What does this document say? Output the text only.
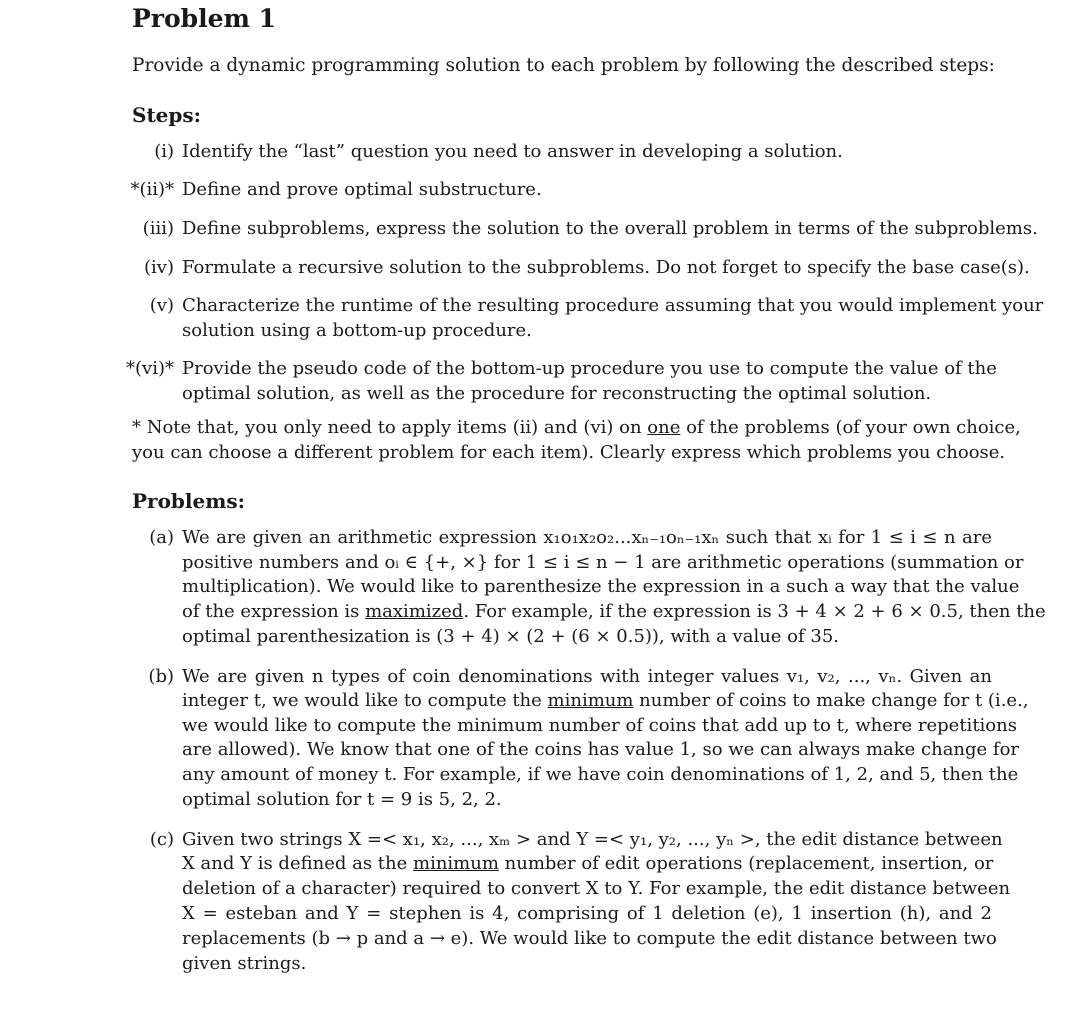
Problem 1
Provide a dynamic programming solution to each problem by following the described steps:
Steps:
(i) Identify the “last” question you need to answer in developing a solution.
*(ii)* Define and prove optimal substructure.
(iii) Define subproblems, express the solution to the overall problem in terms of the subproblems.
(iv) Formulate a recursive solution to the subproblems. Do not forget to specify the base case(s).
(v) Characterize the runtime of the resulting procedure assuming that you would implement your
solution using a bottom-up procedure.
*(vi)* Provide the pseudo code of the bottom-up procedure you use to compute the value of the
optimal solution, as well as the procedure for reconstructing the optimal solution.
* Note that, you only need to apply items (ii) and (vi) on one of the problems (of your own choice,
you can choose a different problem for each item). Clearly express which problems you choose.
Problems:
(a) We are given an arithmetic expression x₁o₁x₂o₂...xₙ₋₁oₙ₋₁xₙ such that xᵢ for 1 ≤ i ≤ n are
positive numbers and oᵢ ∈ {+, ×} for 1 ≤ i ≤ n − 1 are arithmetic operations (summation or
multiplication). We would like to parenthesize the expression in a such a way that the value
of the expression is maximized. For example, if the expression is 3 + 4 × 2 + 6 × 0.5, then the
optimal parenthesization is (3 + 4) × (2 + (6 × 0.5)), with a value of 35.
(b) We are given n types of coin denominations with integer values v₁, v₂, ..., vₙ. Given an
integer t, we would like to compute the minimum number of coins to make change for t (i.e.,
we would like to compute the minimum number of coins that add up to t, where repetitions
are allowed). We know that one of the coins has value 1, so we can always make change for
any amount of money t. For example, if we have coin denominations of 1, 2, and 5, then the
optimal solution for t = 9 is 5, 2, 2.
(c) Given two strings X =< x₁, x₂, ..., xₘ > and Y =< y₁, y₂, ..., yₙ >, the edit distance between
X and Y is defined as the minimum number of edit operations (replacement, insertion, or
deletion of a character) required to convert X to Y. For example, the edit distance between
X = esteban and Y = stephen is 4, comprising of 1 deletion (e), 1 insertion (h), and 2
replacements (b → p and a → e). We would like to compute the edit distance between two
given strings.
